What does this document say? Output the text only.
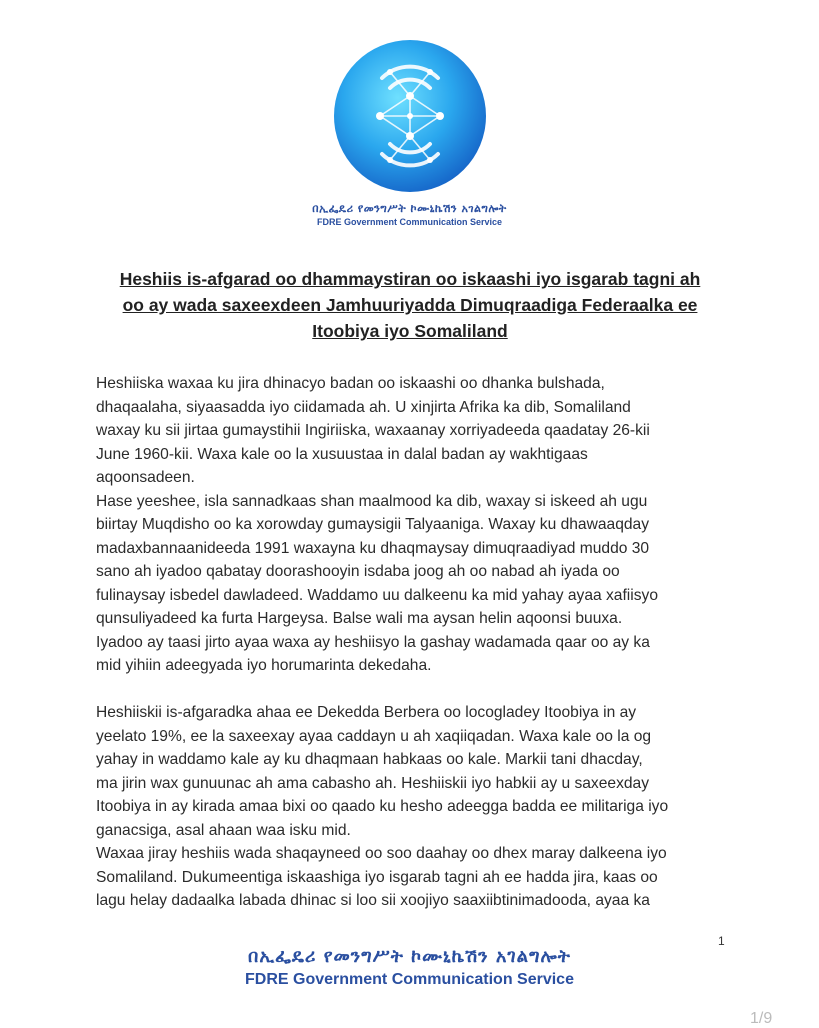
በኢፌዴሪ የመንግሥት ኮሙኒኬሽን አገልግሎት
FDRE Government Communication Service
Heshiis is-afgarad oo dhammaystiran oo iskaashi iyo isgarab tagni ah
oo ay wada saxeexdeen Jamhuuriyadda Dimuqraadiga Federaalka ee
Itoobiya iyo Somaliland

Heshiiska waxaa ku jira dhinacyo badan oo iskaashi oo dhanka bulshada,

dhaqaalaha, siyaasadda iyo ciidamada ah. U xinjirta Afrika ka dib, Somaliland

waxay ku sii jirtaa gumaystihii Ingiriiska, waxaanay xorriyadeeda qaadatay 26-kii

June 1960-kii. Waxa kale oo la xusuustaa in dalal badan ay wakhtigaas

aqoonsadeen.

Hase yeeshee, isla sannadkaas shan maalmood ka dib, waxay si iskeed ah ugu

biirtay Muqdisho oo ka xorowday gumaysigii Talyaaniga. Waxay ku dhawaaqday

madaxbannaanideeda 1991 waxayna ku dhaqmaysay dimuqraadiyad muddo 30

sano ah iyadoo qabatay doorashooyin isdaba joog ah oo nabad ah iyada oo

fulinaysay isbedel dawladeed. Waddamo uu dalkeenu ka mid yahay ayaa xafiisyo

qunsuliyadeed ka furta Hargeysa. Balse wali ma aysan helin aqoonsi buuxa.

Iyadoo ay taasi jirto ayaa waxa ay heshiisyo la gashay wadamada qaar oo ay ka

mid yihiin adeegyada iyo horumarinta dekedaha.

Heshiiskii is-afgaradka ahaa ee Dekedda Berbera oo locogladey Itoobiya in ay

yeelato 19%, ee la saxeexay ayaa caddayn u ah xaqiiqadan. Waxa kale oo la og

yahay in waddamo kale ay ku dhaqmaan habkaas oo kale. Markii tani dhacday,

ma jirin wax gunuunac ah ama cabasho ah. Heshiiskii iyo habkii ay u saxeexday

Itoobiya in ay kirada amaa bixi oo qaado ku hesho adeegga badda ee militariga iyo

ganacsiga, asal ahaan waa isku mid.

Waxaa jiray heshiis wada shaqayneed oo soo daahay oo dhex maray dalkeena iyo

Somaliland. Dukumeentiga iskaashiga iyo isgarab tagni ah ee hadda jira, kaas oo

lagu helay dadaalka labada dhinac si loo sii xoojiyo saaxiibtinimadooda, ayaa ka

1
በኢፌዴሪ የመንግሥት ኮሙኒኬሽን አገልግሎት
FDRE Government Communication Service
1/9
